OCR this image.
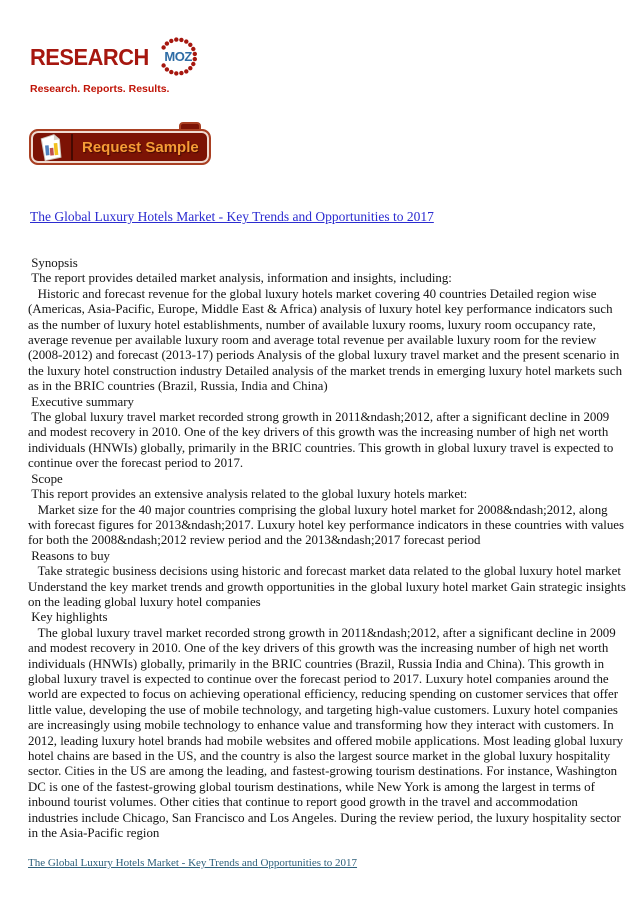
RESEARCH	MOZ
Research. Reports. Results.
Request Sample
The Global Luxury Hotels Market - Key Trends and Opportunities to 2017
Synopsis
The report provides detailed market analysis, information and insights, including:
Historic and forecast revenue for the global luxury hotels market covering 40 countries Detailed region wise (Americas, Asia-Pacific, Europe, Middle East & Africa) analysis of luxury hotel key performance indicators such as the number of luxury hotel establishments, number of available luxury rooms, luxury room occupancy rate, average revenue per available luxury room and average total revenue per available luxury room for the review (2008-2012) and forecast (2013-17) periods Analysis of the global luxury travel market and the present scenario in the luxury hotel construction industry Detailed analysis of the market trends in emerging luxury hotel markets such as in the BRIC countries (Brazil, Russia, India and China)
Executive summary
The global luxury travel market recorded strong growth in 2011&ndash;2012, after a significant decline in 2009 and modest recovery in 2010. One of the key drivers of this growth was the increasing number of high net worth individuals (HNWIs) globally, primarily in the BRIC countries. This growth in global luxury travel is expected to continue over the forecast period to 2017.
Scope
This report provides an extensive analysis related to the global luxury hotels market:
Market size for the 40 major countries comprising the global luxury hotel market for 2008&ndash;2012, along with forecast figures for 2013&ndash;2017. Luxury hotel key performance indicators in these countries with values for both the 2008&ndash;2012 review period and the 2013&ndash;2017 forecast period
Reasons to buy
Take strategic business decisions using historic and forecast market data related to the global luxury hotel market Understand the key market trends and growth opportunities in the global luxury hotel market Gain strategic insights on the leading global luxury hotel companies
Key highlights
The global luxury travel market recorded strong growth in 2011&ndash;2012, after a significant decline in 2009 and modest recovery in 2010. One of the key drivers of this growth was the increasing number of high net worth individuals (HNWIs) globally, primarily in the BRIC countries (Brazil, Russia India and China). This growth in global luxury travel is expected to continue over the forecast period to 2017. Luxury hotel companies around the world are expected to focus on achieving operational efficiency, reducing spending on customer services that offer little value, developing the use of mobile technology, and targeting high-value customers. Luxury hotel companies are increasingly using mobile technology to enhance value and transforming how they interact with customers. In 2012, leading luxury hotel brands had mobile websites and offered mobile applications. Most leading global luxury hotel chains are based in the US, and the country is also the largest source market in the global luxury hospitality sector. Cities in the US are among the leading, and fastest-growing tourism destinations. For instance, Washington DC is one of the fastest-growing global tourism destinations, while New York is among the largest in terms of inbound tourist volumes. Other cities that continue to report good growth in the travel and accommodation industries include Chicago, San Francisco and Los Angeles. During the review period, the luxury hospitality sector in the Asia-Pacific region
The Global Luxury Hotels Market - Key Trends and Opportunities to 2017
